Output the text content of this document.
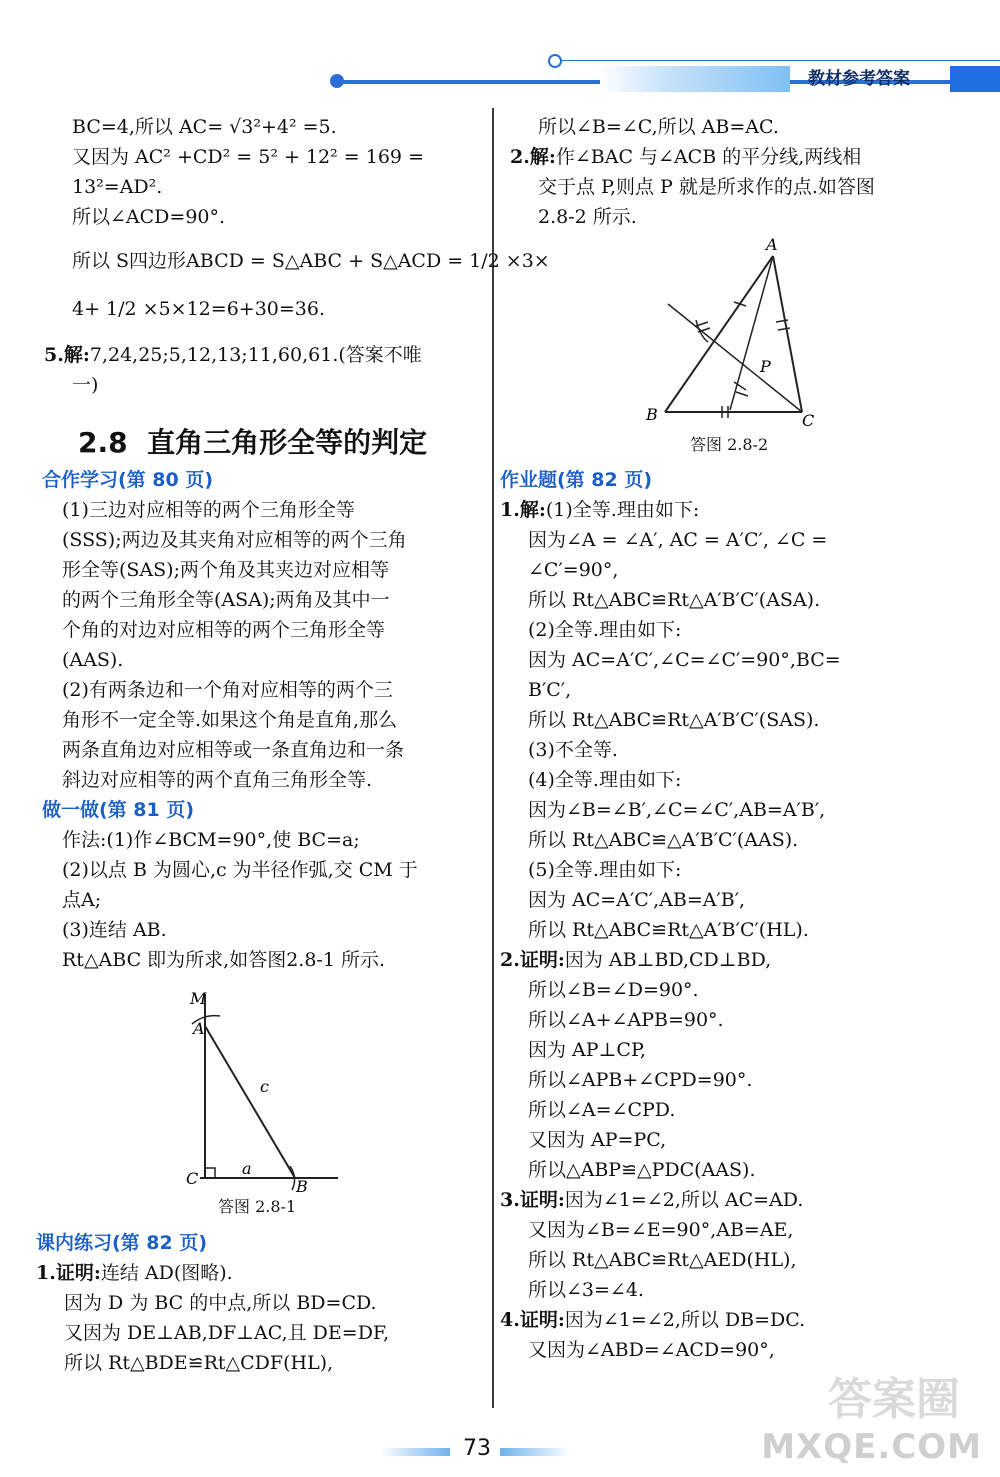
教材参考答案

BC=4,所以 AC= √3²+4² =5.

又因为 AC² +CD² = 5² + 12² = 169 =

13²=AD².

所以∠ACD=90°.

所以 S四边形ABCD = S△ABC + S△ACD = 1/2 ×3×

4+ 1/2 ×5×12=6+30=36.

5.解:7,24,25;5,12,13;11,60,61.(答案不唯

一)

2.8 直角三角形全等的判定

合作学习(第 80 页)

(1)三边对应相等的两个三角形全等

(SSS);两边及其夹角对应相等的两个三角

形全等(SAS);两个角及其夹边对应相等

的两个三角形全等(ASA);两角及其中一

个角的对边对应相等的两个三角形全等

(AAS).

(2)有两条边和一个角对应相等的两个三

角形不一定全等.如果这个角是直角,那么

两条直角边对应相等或一条直角边和一条

斜边对应相等的两个直角三角形全等.

做一做(第 81 页)

作法:(1)作∠BCM=90°,使 BC=a;

(2)以点 B 为圆心,c 为半径作弧,交 CM 于

点A;

(3)连结 AB.

Rt△ABC 即为所求,如答图2.8-1 所示.

M
A
C	B
a
c
答图 2.8-1

课内练习(第 82 页)

1.证明:连结 AD(图略).

因为 D 为 BC 的中点,所以 BD=CD.

又因为 DE⊥AB,DF⊥AC,且 DE=DF,

所以 Rt△BDE≌Rt△CDF(HL),

所以∠B=∠C,所以 AB=AC.

2.解:作∠BAC 与∠ACB 的平分线,两线相

交于点 P,则点 P 就是所求作的点.如答图

2.8-2 所示.

A
B	C
P
答图 2.8-2

作业题(第 82 页)

1.解:(1)全等.理由如下:

因为∠A = ∠A′, AC = A′C′, ∠C =

∠C′=90°,

所以 Rt△ABC≌Rt△A′B′C′(ASA).

(2)全等.理由如下:

因为 AC=A′C′,∠C=∠C′=90°,BC=

B′C′,

所以 Rt△ABC≌Rt△A′B′C′(SAS).

(3)不全等.

(4)全等.理由如下:

因为∠B=∠B′,∠C=∠C′,AB=A′B′,

所以 Rt△ABC≌△A′B′C′(AAS).

(5)全等.理由如下:

因为 AC=A′C′,AB=A′B′,

所以 Rt△ABC≌Rt△A′B′C′(HL).

2.证明:因为 AB⊥BD,CD⊥BD,

所以∠B=∠D=90°.

所以∠A+∠APB=90°.

因为 AP⊥CP,

所以∠APB+∠CPD=90°.

所以∠A=∠CPD.

又因为 AP=PC,

所以△ABP≌△PDC(AAS).

3.证明:因为∠1=∠2,所以 AC=AD.

又因为∠B=∠E=90°,AB=AE,

所以 Rt△ABC≌Rt△AED(HL),

所以∠3=∠4.

4.证明:因为∠1=∠2,所以 DB=DC.

又因为∠ABD=∠ACD=90°,

73
答案圈
MXQE.COM
